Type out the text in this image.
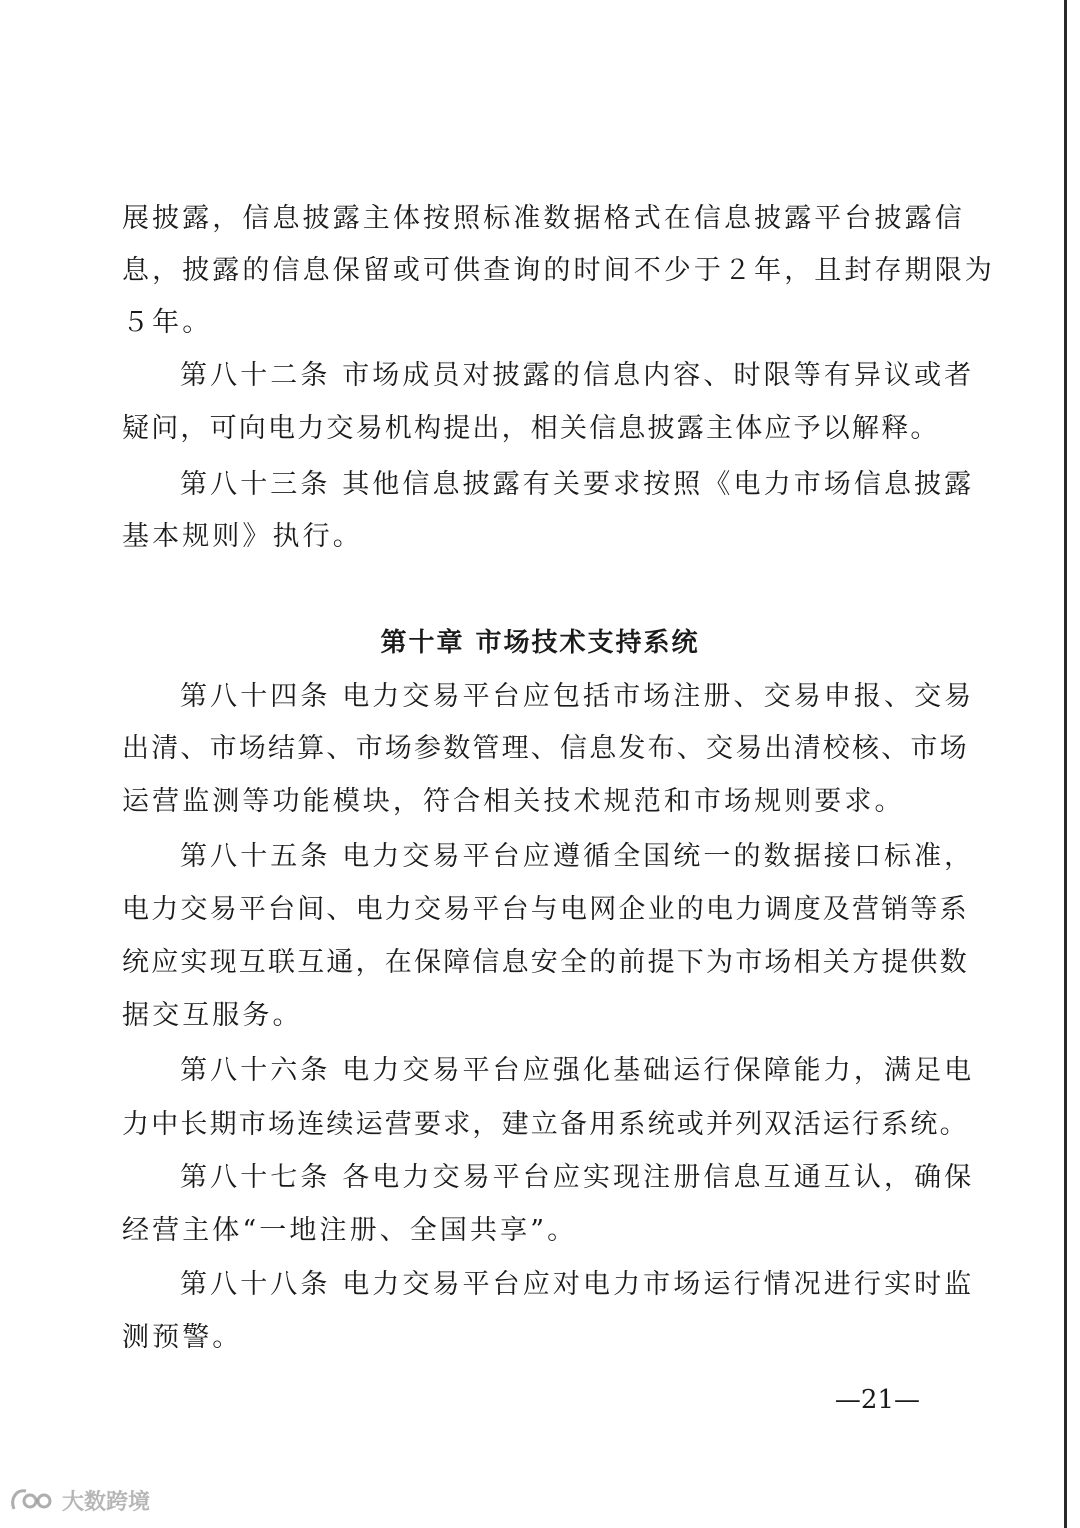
展披露，信息披露主体按照标准数据格式在信息披露平台披露信
息，披露的信息保留或可供查询的时间不少于２年，且封存期限为
５年。
第八十二条 市场成员对披露的信息内容、时限等有异议或者
疑问，可向电力交易机构提出，相关信息披露主体应予以解释。
第八十三条 其他信息披露有关要求按照《电力市场信息披露
基本规则》执行。
第十章 市场技术支持系统
第八十四条 电力交易平台应包括市场注册、交易申报、交易
出清、市场结算、市场参数管理、信息发布、交易出清校核、市场
运营监测等功能模块，符合相关技术规范和市场规则要求。
第八十五条 电力交易平台应遵循全国统一的数据接口标准，
电力交易平台间、电力交易平台与电网企业的电力调度及营销等系
统应实现互联互通，在保障信息安全的前提下为市场相关方提供数
据交互服务。
第八十六条 电力交易平台应强化基础运行保障能力，满足电
力中长期市场连续运营要求，建立备用系统或并列双活运行系统。
第八十七条 各电力交易平台应实现注册信息互通互认，确保
经营主体“一地注册、全国共享”。
第八十八条 电力交易平台应对电力市场运行情况进行实时监
测预警。
—21—
大数跨境
